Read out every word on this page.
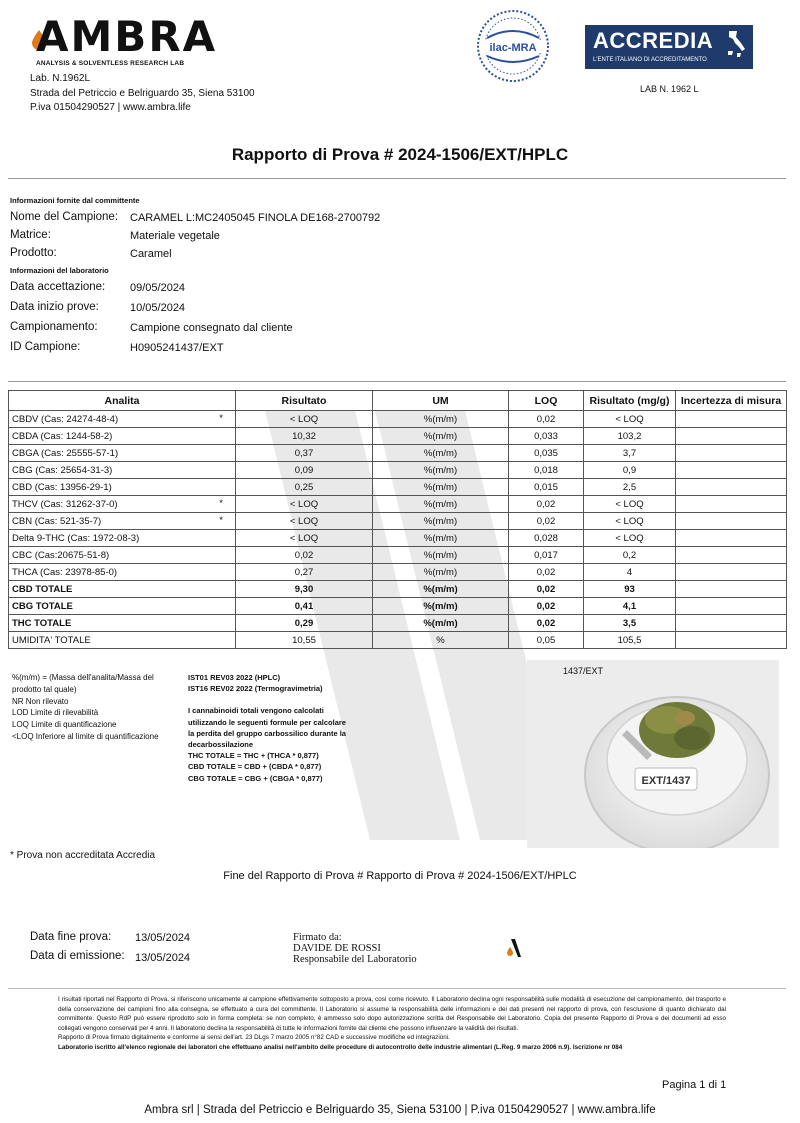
AMBRA
ANALYSIS & SOLVENTLESS RESEARCH LAB
Lab. N.1962L
Strada del Petriccio e Belriguardo 35, Siena 53100
P.iva 01504290527 | www.ambra.life
ilac-MRA	ACCREDIA
L'ENTE ITALIANO DI ACCREDITAMENTO
LAB N. 1962 L
Rapporto di Prova # 2024-1506/EXT/HPLC
Informazioni fornite dal committente
Nome del Campione: CARAMEL L:MC2405045 FINOLA DE168-2700792
Matrice:	Materiale vegetale
Prodotto:	Caramel
Informazioni del laboratorio
Data accettazione: 09/05/2024
Data inizio prove:	10/05/2024
Campionamento:	Campione consegnato dal cliente
ID Campione:	H0905241437/EXT
Analita	Risultato	UM	LOQ	Risultato (mg/g)	Incertezza di misura
CBDV (Cas: 24274-48-4) *	< LOQ	%(m/m)	0,02	< LOQ	
CBDA (Cas: 1244-58-2)	10,32	%(m/m)	0,033	103,2	
CBGA (Cas: 25555-57-1)	0,37	%(m/m)	0,035	3,7	
CBG (Cas: 25654-31-3)	0,09	%(m/m)	0,018	0,9	
CBD (Cas: 13956-29-1)	0,25	%(m/m)	0,015	2,5	
THCV (Cas: 31262-37-0) *	< LOQ	%(m/m)	0,02	< LOQ	
CBN (Cas: 521-35-7) *	< LOQ	%(m/m)	0,02	< LOQ	
Delta 9-THC (Cas: 1972-08-3)	< LOQ	%(m/m)	0,028	< LOQ	
CBC (Cas:20675-51-8)	0,02	%(m/m)	0,017	0,2	
THCA (Cas: 23978-85-0)	0,27	%(m/m)	0,02	4	
CBD TOTALE	9,30	%(m/m)	0,02	93	
CBG TOTALE	0,41	%(m/m)	0,02	4,1	
THC TOTALE	0,29	%(m/m)	0,02	3,5	
UMIDITA' TOTALE	10,55	%	0,05	105,5	
%(m/m) = (Massa dell'analita/Massa del prodotto tal quale)
NR Non rilevato
LOD Limite di rilevabilità
LOQ Limite di quantificazione
<LOQ Inferiore al limite di quantificazione
IST01 REV03 2022 (HPLC)
IST16 REV02 2022 (Termogravimetria)
I cannabinoidi totali vengono calcolati utilizzando le seguenti formule per calcolare la perdita del gruppo carbossilico durante la decarbossilazione
THC TOTALE = THC + (THCA * 0,877)
CBD TOTALE = CBD + (CBDA * 0,877)
CBG TOTALE = CBG + (CBGA * 0,877)
1437/EXT
EXT/1437
* Prova non accreditata Accredia
Fine del Rapporto di Prova # Rapporto di Prova # 2024-1506/EXT/HPLC
Data fine prova: 13/05/2024
Data di emissione: 13/05/2024
Firmato da:
DAVIDE DE ROSSI
Responsabile del Laboratorio
I risultati riportati nel Rapporto di Prova, si riferiscono unicamente al campione effettivamente sottoposto a prova, così come ricevuto. Il Laboratorio declina ogni responsabilità sulle modalità di esecuzione del campionamento, del trasporto e della conservazione dei campioni fino alla consegna, se effettuato a cura del committente. Il Laboratorio si assume la responsabilità delle informazioni e dei dati presenti nel rapporto di prova, con l'esclusione di quanto dichiarato dal committente. Questo RdP può essere riprodotto solo in forma completa: se non completo, è ammesso solo dopo autorizzazione scritta del Responsabile del Laboratorio. Copia del presente Rapporto di Prova e dei documenti ad esso collegati vengono conservati per 4 anni. Il laboratorio declina la responsabilità di tutte le informazioni fornite dal cliente che possono influenzare la validità dei risultati.
Rapporto di Prova firmato digitalmente e conforme ai sensi dell'art. 23 DLgs 7 marzo 2005 n°82 CAD e successive modifiche ed integrazioni.
Laboratorio iscritto all'elenco regionale dei laboratori che effettuano analisi nell'ambito delle procedure di autocontrollo delle industrie alimentari (L.Reg. 9 marzo 2006 n.9). Iscrizione nr 084
Pagina 1 di 1
Ambra srl | Strada del Petriccio e Belriguardo 35, Siena 53100 | P.iva 01504290527 | www.ambra.life
